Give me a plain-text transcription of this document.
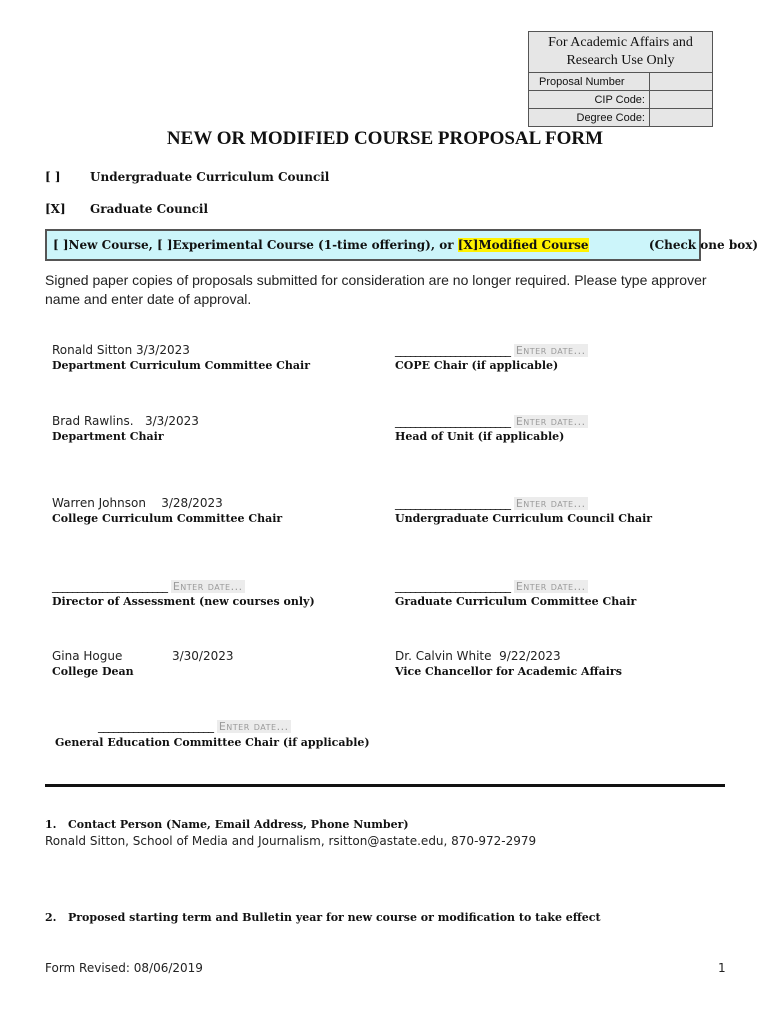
For Academic Affairs and Research Use Only	
Proposal Number	
CIP Code:	
Degree Code:	
NEW OR MODIFIED COURSE PROPOSAL FORM
[ ] Undergraduate Curriculum Council
[X] Graduate Council
[ ]New Course, [ ]Experimental Course (1-time offering), or [X]Modified Course	(Check one box)
Signed paper copies of proposals submitted for consideration are no longer required. Please type approver name and enter date of approval.
Ronald Sitton 3/3/2023
Department Curriculum Committee Chair
_______________________ Enter date...
COPE Chair (if applicable)
Brad Rawlins.   3/3/2023
Department Chair
_______________________ Enter date...
Head of Unit (if applicable)
Warren Johnson    3/28/2023
College Curriculum Committee Chair
_______________________ Enter date...
Undergraduate Curriculum Council Chair
_______________________ Enter date...
Director of Assessment (new courses only)
_______________________ Enter date...
Graduate Curriculum Committee Chair
Gina Hogue             3/30/2023
College Dean
Dr. Calvin White  9/22/2023
Vice Chancellor for Academic Affairs
_______________________ Enter date...
General Education Committee Chair (if applicable)
1. Contact Person (Name, Email Address, Phone Number)
Ronald Sitton, School of Media and Journalism, rsitton@astate.edu, 870-972-2979
2. Proposed starting term and Bulletin year for new course or modification to take effect
Form Revised: 08/06/2019	1
